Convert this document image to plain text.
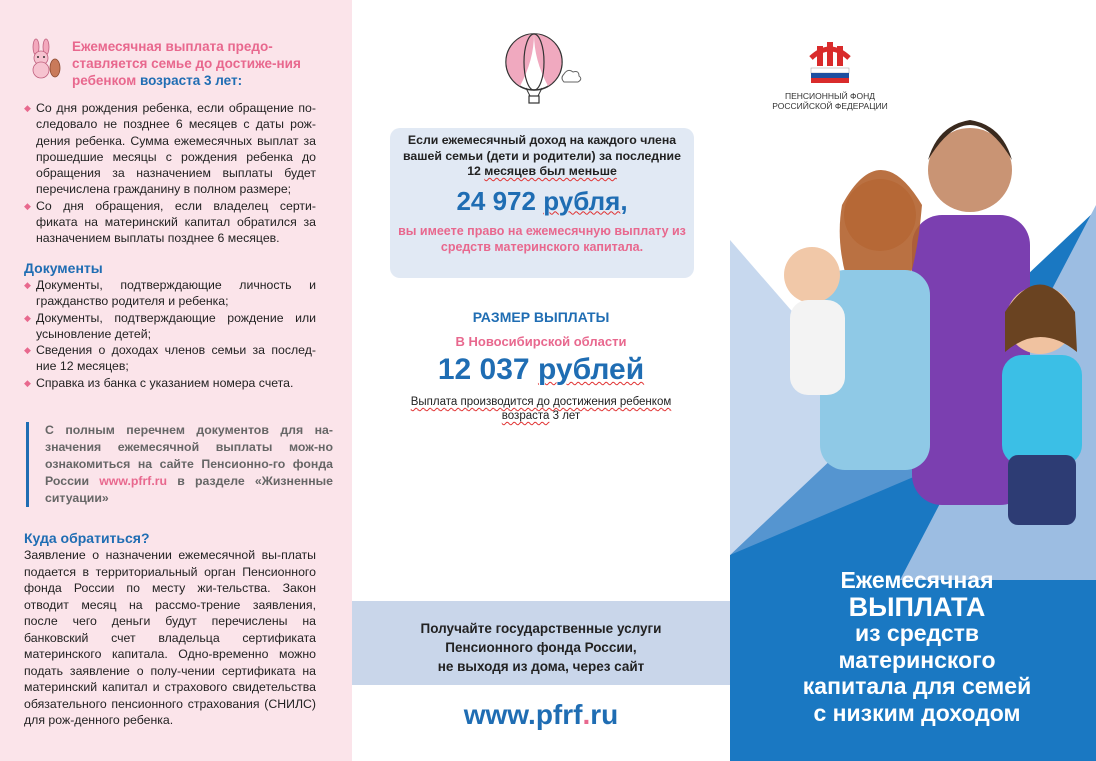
Ежемесячная выплата предо-ставляется семье до достиже-ния ребенком возраста 3 лет:
◆ Со дня рождения ребенка, если обращение по-следовало не позднее 6 месяцев с даты рож-дения ребенка. Сумма ежемесячных выплат за прошедшие месяцы с рождения ребенка до обращения за назначением выплаты будет перечислена гражданину в полном размере;
◆ Со дня обращения, если владелец серти-фиката на материнский капитал обратился за назначением выплаты позднее 6 месяцев.
Документы
◆ Документы, подтверждающие личность и гражданство родителя и ребенка;
◆ Документы, подтверждающие рождение или усыновление детей;
◆ Сведения о доходах членов семьи за послед-ние 12 месяцев;
◆ Справка из банка с указанием номера счета.
С полным перечнем документов для на-значения ежемесячной выплаты мож-но ознакомиться на сайте Пенсионно-го фонда России www.pfrf.ru в разделе «Жизненные ситуации»
Куда обратиться?
Заявление о назначении ежемесячной вы-платы подается в территориальный орган Пенсионного фонда России по месту жи-тельства. Закон отводит месяц на рассмо-трение заявления, после чего деньги будут перечислены на банковский счет владельца сертификата материнского капитала. Одно-временно можно подать заявление о полу-чении сертификата на материнский капитал и страхового свидетельства обязательного пенсионного страхования (СНИЛС) для рож-денного ребенка.
Если ежемесячный доход на каждого члена вашей семьи (дети и родители) за последние 12 месяцев был меньше
24 972 рубля,
вы имеете право на ежемесячную выплату из средств материнского капитала.
РАЗМЕР ВЫПЛАТЫ
В Новосибирской области
12 037 рублей
Выплата производится до достижения ребенком
возраста 3 лет
Получайте государственные услуги
Пенсионного фонда России,
не выходя из дома, через сайт
www.pfrf.ru
ПЕНСИОННЫЙ ФОНД
РОССИЙСКОЙ ФЕДЕРАЦИИ
Ежемесячная
ВЫПЛАТА
из средств
материнского
капитала для семей
с низким доходом
